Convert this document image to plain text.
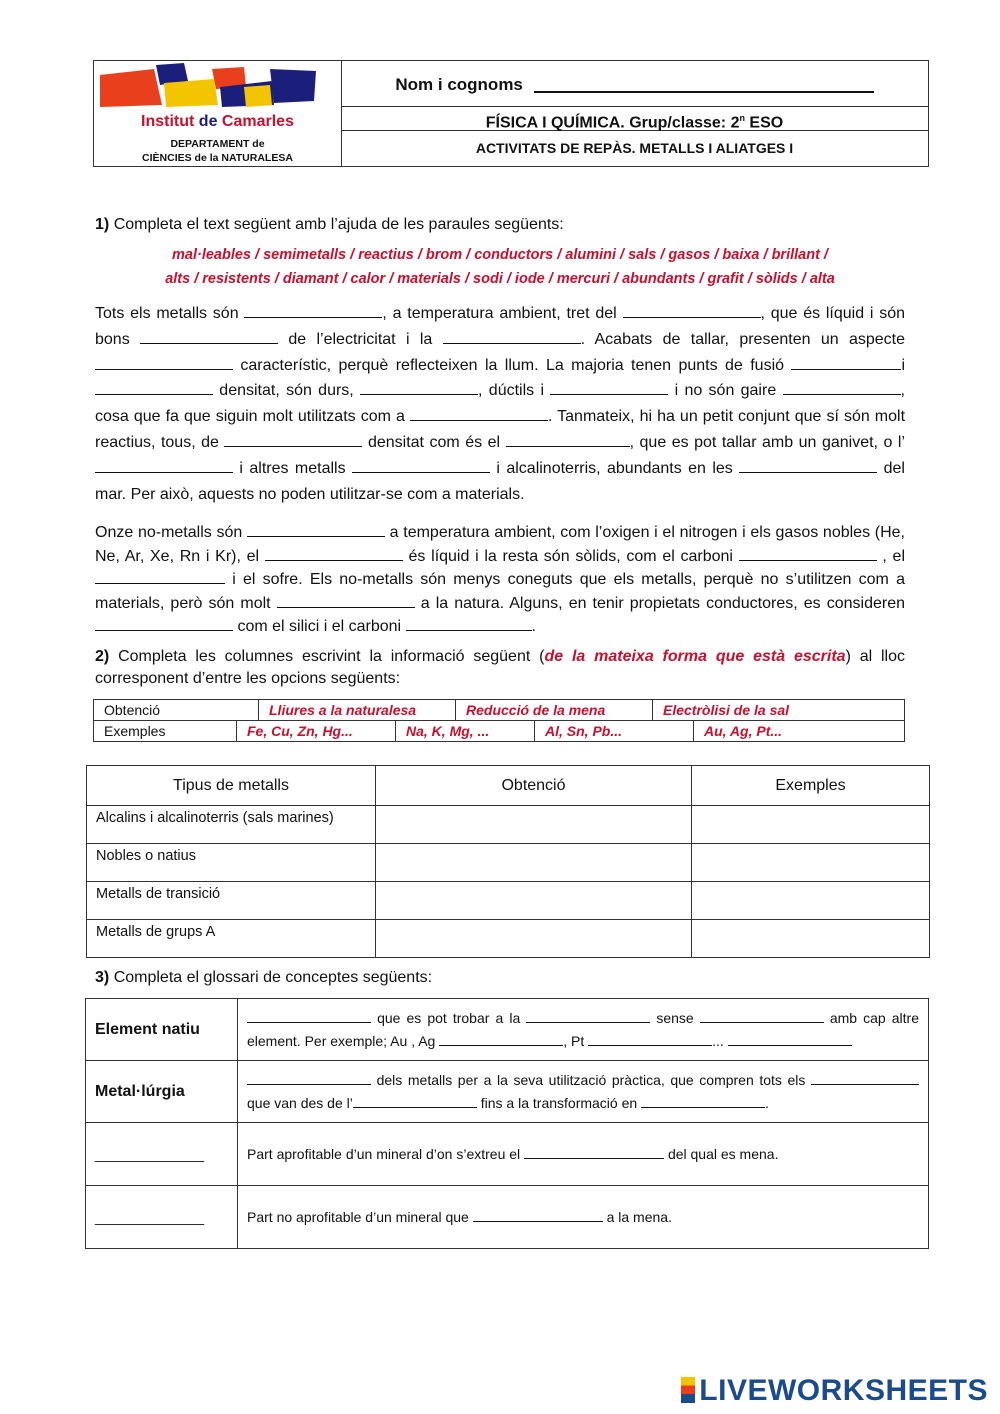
Institut de Camarles
DEPARTAMENT de
CIÈNCIES de la NATURALESA
Nom i cognoms
FÍSICA I QUÍMICA. Grup/classe: 2$^n$ ESO
ACTIVITATS DE REPÀS. METALLS I ALIATGES I
1) Completa el text següent amb l’ajuda de les paraules següents:
mal·leables / semimetalls / reactius / brom / conductors / alumini / sals / gasos / baixa / brillant /
alts / resistents / diamant / calor / materials / sodi / iode / mercuri / abundants / grafit / sòlids / alta
Tots els metalls són	, a temperatura ambient, tret del	, que és líquid i són bons	de l’electricitat i la	. Acabats de tallar, presenten un aspecte  característic, perquè reflecteixen la llum. La majoria tenen punts de fusió	i  densitat, són durs,	, dúctils i	i no són gaire	, cosa que fa que siguin molt utilitzats com a	. Tanmateix, hi ha un petit conjunt que sí són molt reactius, tous, de	densitat com és el	, que es pot tallar amb un ganivet, o l’ i altres metalls	i alcalinoterris, abundants en les	del mar. Per això, aquests no poden utilitzar-se com a materials.
Onze no-metalls són	a temperatura ambient, com l’oxigen i el nitrogen i els gasos nobles (He, Ne, Ar, Xe, Rn i Kr), el	és líquid i la resta són sòlids, com el carboni	, el  i el sofre. Els no-metalls són menys coneguts que els metalls, perquè no s’utilitzen com a materials, però són molt	a la natura. Alguns, en tenir propietats conductores, es consideren  com el silici i el carboni	.
2) Completa les columnes escrivint la informació següent (de la mateixa forma que està escrita) al lloc corresponent d’entre les opcions següents:
Obtenció	Lliures a la naturalesa	Reducció de la mena	Electròlisi de la sal
Exemples	Fe, Cu, Zn, Hg...	Na, K, Mg, ...	Al, Sn, Pb...	Au, Ag, Pt...
Tipus de metalls	Obtenció	Exemples
Alcalins i alcalinoterris (sals marines)		
Nobles o natius		
Metalls de transició		
Metalls de grups A		
3) Completa el glossari de conceptes següents:
Element natiu	que es pot trobar a la sense amb cap altre element. Per exemple; Au , Ag , Pt ...
Metal·lúrgia	dels metalls per a la seva utilització pràctica, que compren tots els  que van des de l’ fins a la transformació en .
______________	Part aprofitable d’un mineral d’on s’extreu el del qual es mena.
______________	Part no aprofitable d’un mineral que a la mena.
LIVEWORKSHEETS
